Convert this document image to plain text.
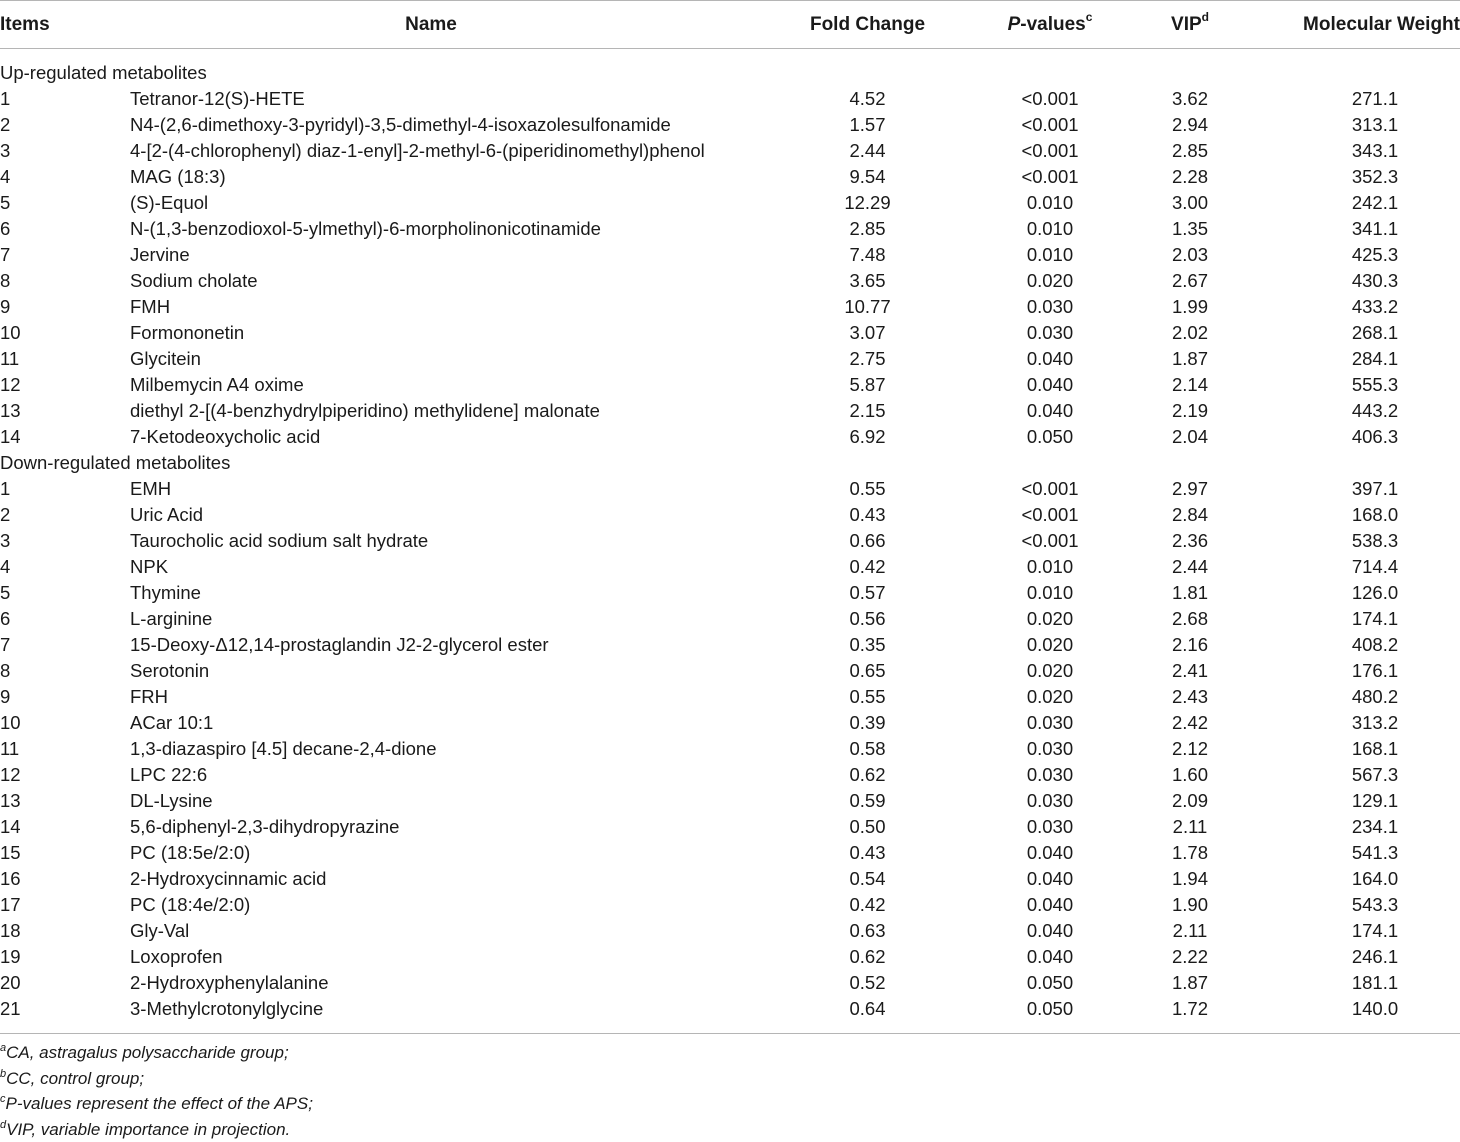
Items	Name	Fold Change	P-values$^c$	VIP$^d$	Molecular Weight
Up-regulated metabolites
1	Tetranor-12(S)-HETE	4.52	<0.001	3.62	271.1
2	N4-(2,6-dimethoxy-3-pyridyl)-3,5-dimethyl-4-isoxazolesulfonamide	1.57	<0.001	2.94	313.1
3	4-[2-(4-chlorophenyl) diaz-1-enyl]-2-methyl-6-(piperidinomethyl)phenol	2.44	<0.001	2.85	343.1
4	MAG (18:3)	9.54	<0.001	2.28	352.3
5	(S)-Equol	12.29	0.010	3.00	242.1
6	N-(1,3-benzodioxol-5-ylmethyl)-6-morpholinonicotinamide	2.85	0.010	1.35	341.1
7	Jervine	7.48	0.010	2.03	425.3
8	Sodium cholate	3.65	0.020	2.67	430.3
9	FMH	10.77	0.030	1.99	433.2
10	Formononetin	3.07	0.030	2.02	268.1
11	Glycitein	2.75	0.040	1.87	284.1
12	Milbemycin A4 oxime	5.87	0.040	2.14	555.3
13	diethyl 2-[(4-benzhydrylpiperidino) methylidene] malonate	2.15	0.040	2.19	443.2
14	7-Ketodeoxycholic acid	6.92	0.050	2.04	406.3
Down-regulated metabolites
1	EMH	0.55	<0.001	2.97	397.1
2	Uric Acid	0.43	<0.001	2.84	168.0
3	Taurocholic acid sodium salt hydrate	0.66	<0.001	2.36	538.3
4	NPK	0.42	0.010	2.44	714.4
5	Thymine	0.57	0.010	1.81	126.0
6	L-arginine	0.56	0.020	2.68	174.1
7	15-Deoxy-Δ12,14-prostaglandin J2-2-glycerol ester	0.35	0.020	2.16	408.2
8	Serotonin	0.65	0.020	2.41	176.1
9	FRH	0.55	0.020	2.43	480.2
10	ACar 10:1	0.39	0.030	2.42	313.2
11	1,3-diazaspiro [4.5] decane-2,4-dione	0.58	0.030	2.12	168.1
12	LPC 22:6	0.62	0.030	1.60	567.3
13	DL-Lysine	0.59	0.030	2.09	129.1
14	5,6-diphenyl-2,3-dihydropyrazine	0.50	0.030	2.11	234.1
15	PC (18:5e/2:0)	0.43	0.040	1.78	541.3
16	2-Hydroxycinnamic acid	0.54	0.040	1.94	164.0
17	PC (18:4e/2:0)	0.42	0.040	1.90	543.3
18	Gly-Val	0.63	0.040	2.11	174.1
19	Loxoprofen	0.62	0.040	2.22	246.1
20	2-Hydroxyphenylalanine	0.52	0.050	1.87	181.1
21	3-Methylcrotonylglycine	0.64	0.050	1.72	140.0
$^a$CA, astragalus polysaccharide group;
$^b$CC, control group;
$^c$P-values represent the effect of the APS;
$^d$VIP, variable importance in projection.
